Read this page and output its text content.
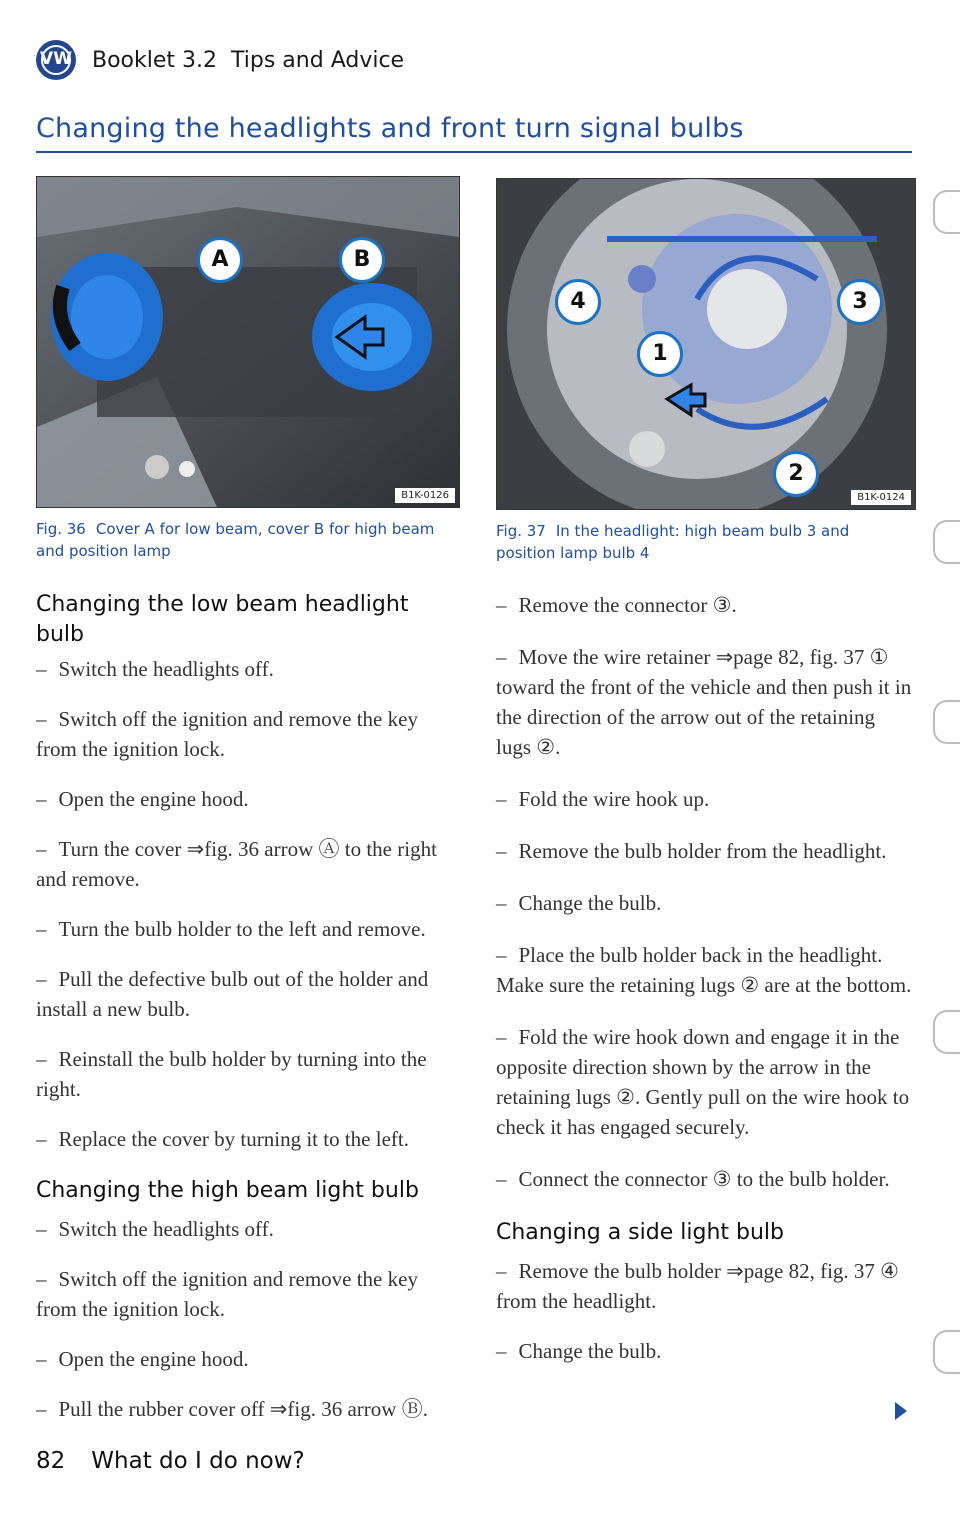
VW Booklet 3.2 Tips and Advice
Changing the headlights and front turn signal bulbs
A	B
B1K-0126
Fig. 36 Cover A for low beam, cover B for high beam and position lamp
4
1
3
2
B1K-0124
Fig. 37 In the headlight: high beam bulb 3 and position lamp bulb 4

Changing the low beam headlight bulb

– Switch the headlights off.

– Switch off the ignition and remove the key from the ignition lock.

– Open the engine hood.

– Turn the cover ⇒fig. 36 arrow Ⓐ to the right and remove.

– Turn the bulb holder to the left and remove.

– Pull the defective bulb out of the holder and install a new bulb.

– Reinstall the bulb holder by turning into the right.

– Replace the cover by turning it to the left.

Changing the high beam light bulb

– Switch the headlights off.

– Switch off the ignition and remove the key from the ignition lock.

– Open the engine hood.

– Pull the rubber cover off ⇒fig. 36 arrow Ⓑ.

– Remove the connector ③.

– Move the wire retainer ⇒page 82, fig. 37 ① toward the front of the vehicle and then push it in the direction of the arrow out of the retaining lugs ②.

– Fold the wire hook up.

– Remove the bulb holder from the headlight.

– Change the bulb.

– Place the bulb holder back in the headlight. Make sure the retaining lugs ② are at the bottom.

– Fold the wire hook down and engage it in the opposite direction shown by the arrow in the retaining lugs ②. Gently pull on the wire hook to check it has engaged securely.

– Connect the connector ③ to the bulb holder.

Changing a side light bulb

– Remove the bulb holder ⇒page 82, fig. 37 ④ from the headlight.

– Change the bulb.

82 What do I do now?
